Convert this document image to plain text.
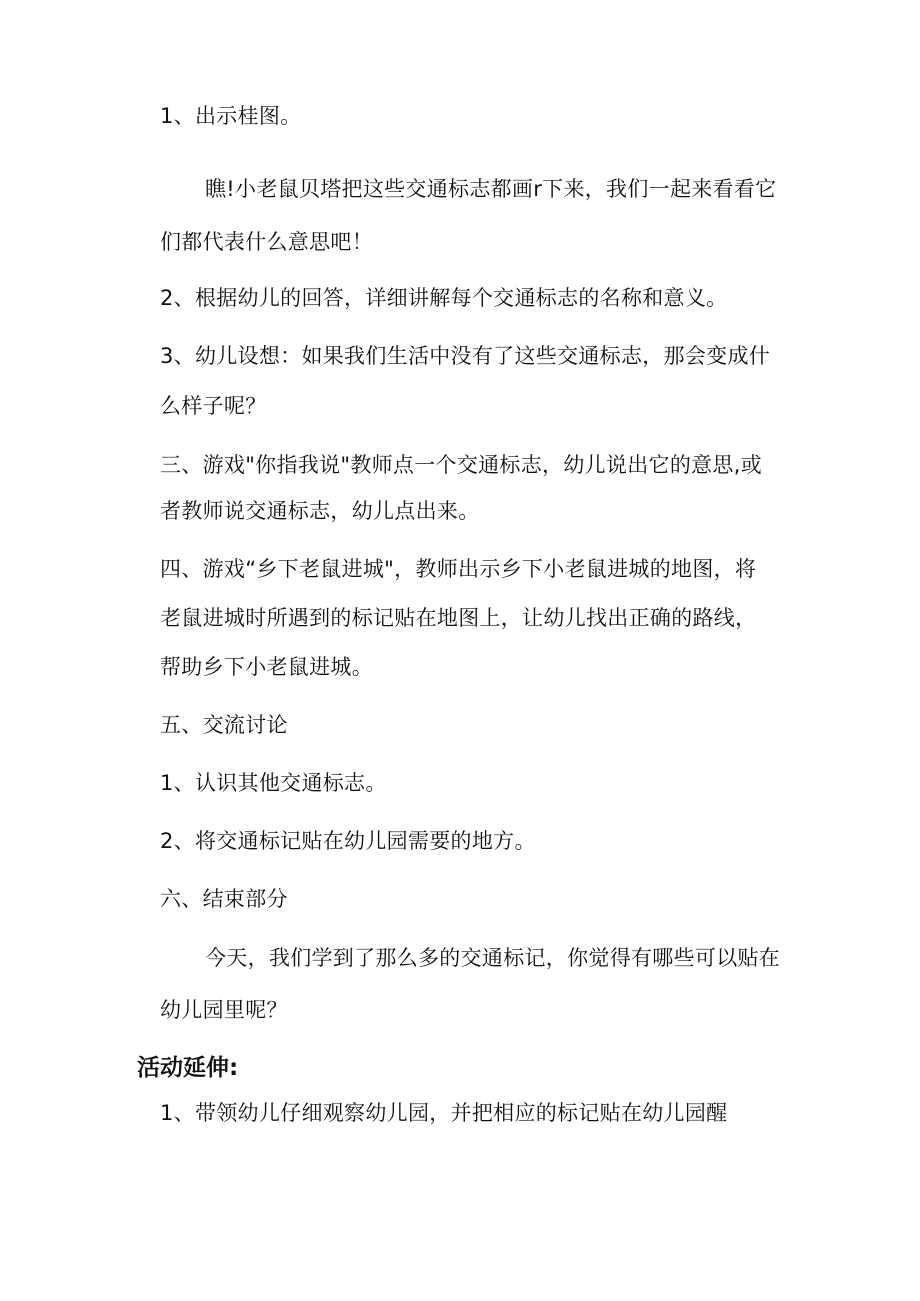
1、出示桂图。
瞧!小老鼠贝塔把这些交通标志都画r下来，我们一起来看看它
们都代表什么意思吧！
2、根据幼儿的回答，详细讲解每个交通标志的名称和意义。
3、幼儿设想：如果我们生活中没有了这些交通标志，那会变成什
么样子呢？
三、游戏"你指我说"教师点一个交通标志，幼儿说出它的意思,或
者教师说交通标志，幼儿点出来。
四、游戏“乡下老鼠进城"，教师出示乡下小老鼠进城的地图，将
老鼠进城时所遇到的标记贴在地图上，让幼儿找出正确的路线，
帮助乡下小老鼠进城。
五、交流讨论
1、认识其他交通标志。
2、将交通标记贴在幼儿园需要的地方。
六、结束部分
今天，我们学到了那么多的交通标记，你觉得有哪些可以贴在
幼儿园里呢？
活动延伸:
1、带领幼儿仔细观察幼儿园，并把相应的标记贴在幼儿园醒
